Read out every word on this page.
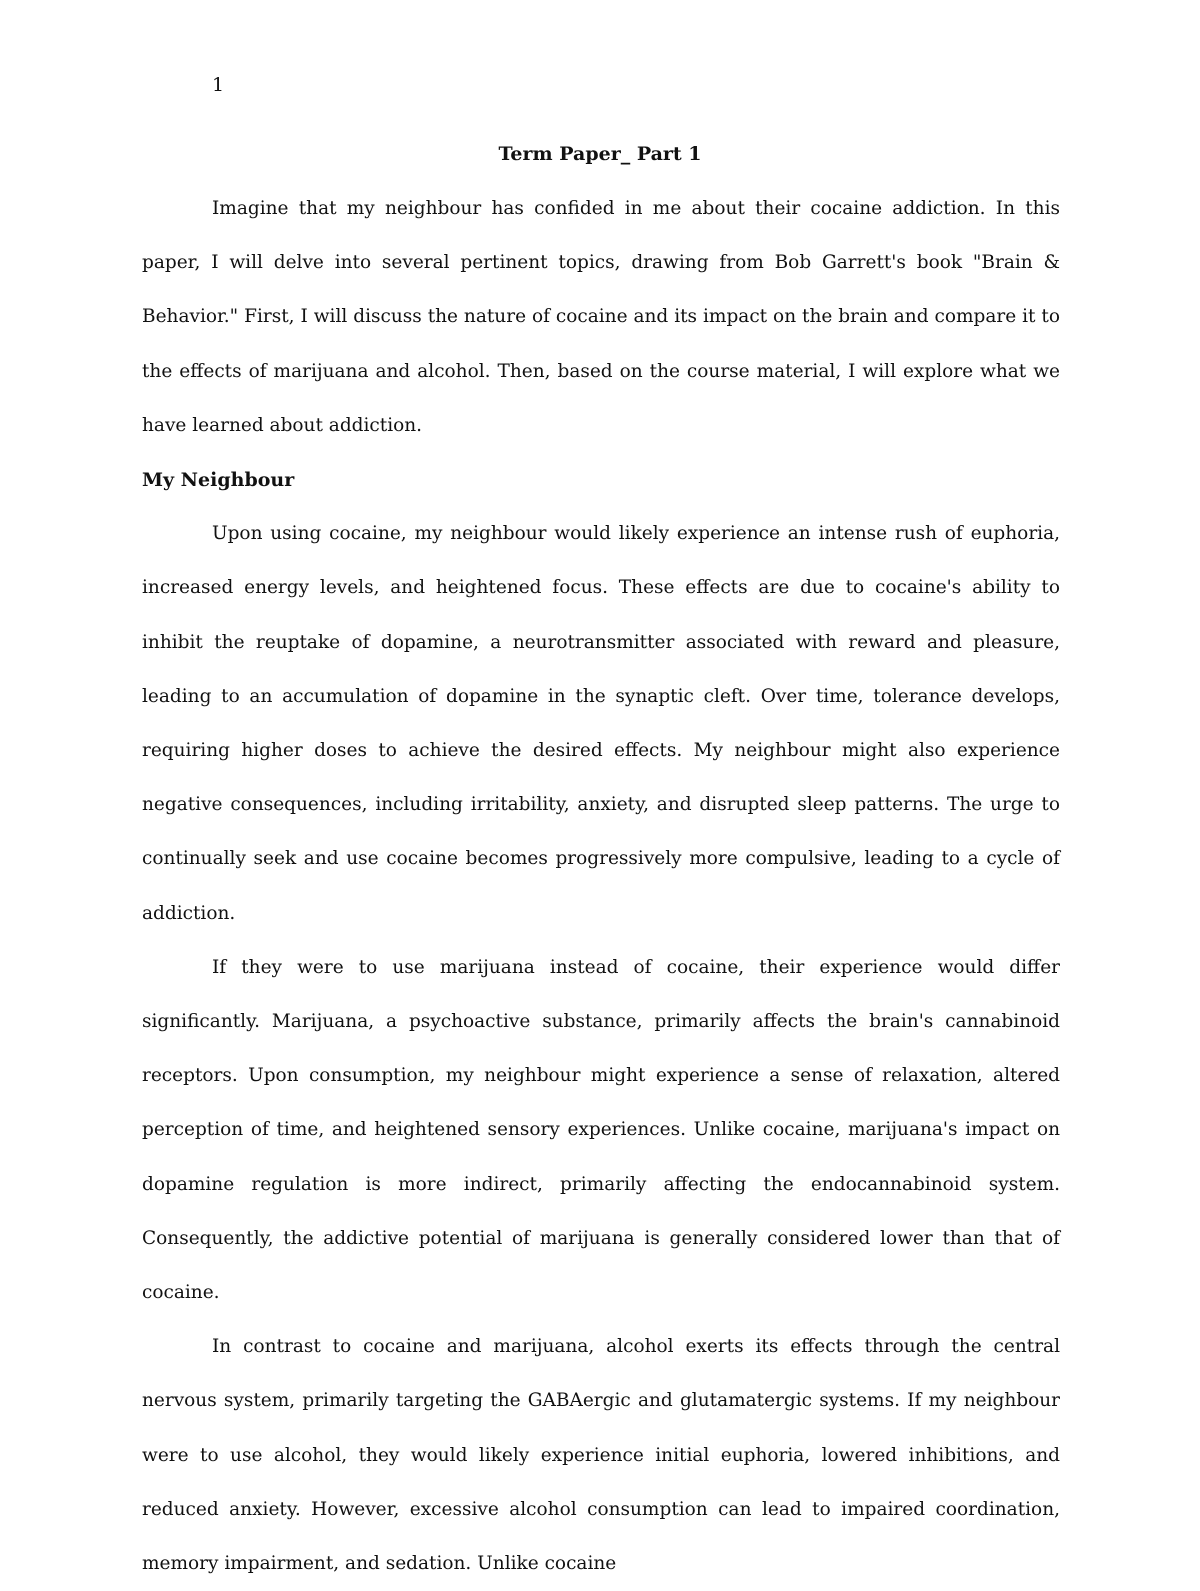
1
Term Paper_ Part 1

Imagine that my neighbour has confided in me about their cocaine addiction. In this paper, I will delve into several pertinent topics, drawing from Bob Garrett's book "Brain & Behavior." First, I will discuss the nature of cocaine and its impact on the brain and compare it to the effects of marijuana and alcohol. Then, based on the course material, I will explore what we have learned about addiction.

My Neighbour

Upon using cocaine, my neighbour would likely experience an intense rush of euphoria, increased energy levels, and heightened focus. These effects are due to cocaine's ability to inhibit the reuptake of dopamine, a neurotransmitter associated with reward and pleasure, leading to an accumulation of dopamine in the synaptic cleft. Over time, tolerance develops, requiring higher doses to achieve the desired effects. My neighbour might also experience negative consequences, including irritability, anxiety, and disrupted sleep patterns. The urge to continually seek and use cocaine becomes progressively more compulsive, leading to a cycle of addiction.

If they were to use marijuana instead of cocaine, their experience would differ significantly. Marijuana, a psychoactive substance, primarily affects the brain's cannabinoid receptors. Upon consumption, my neighbour might experience a sense of relaxation, altered perception of time, and heightened sensory experiences. Unlike cocaine, marijuana's impact on dopamine regulation is more indirect, primarily affecting the endocannabinoid system. Consequently, the addictive potential of marijuana is generally considered lower than that of cocaine.

In contrast to cocaine and marijuana, alcohol exerts its effects through the central nervous system, primarily targeting the GABAergic and glutamatergic systems. If my neighbour were to use alcohol, they would likely experience initial euphoria, lowered inhibitions, and reduced anxiety. However, excessive alcohol consumption can lead to impaired coordination, memory impairment, and sedation. Unlike cocaine
